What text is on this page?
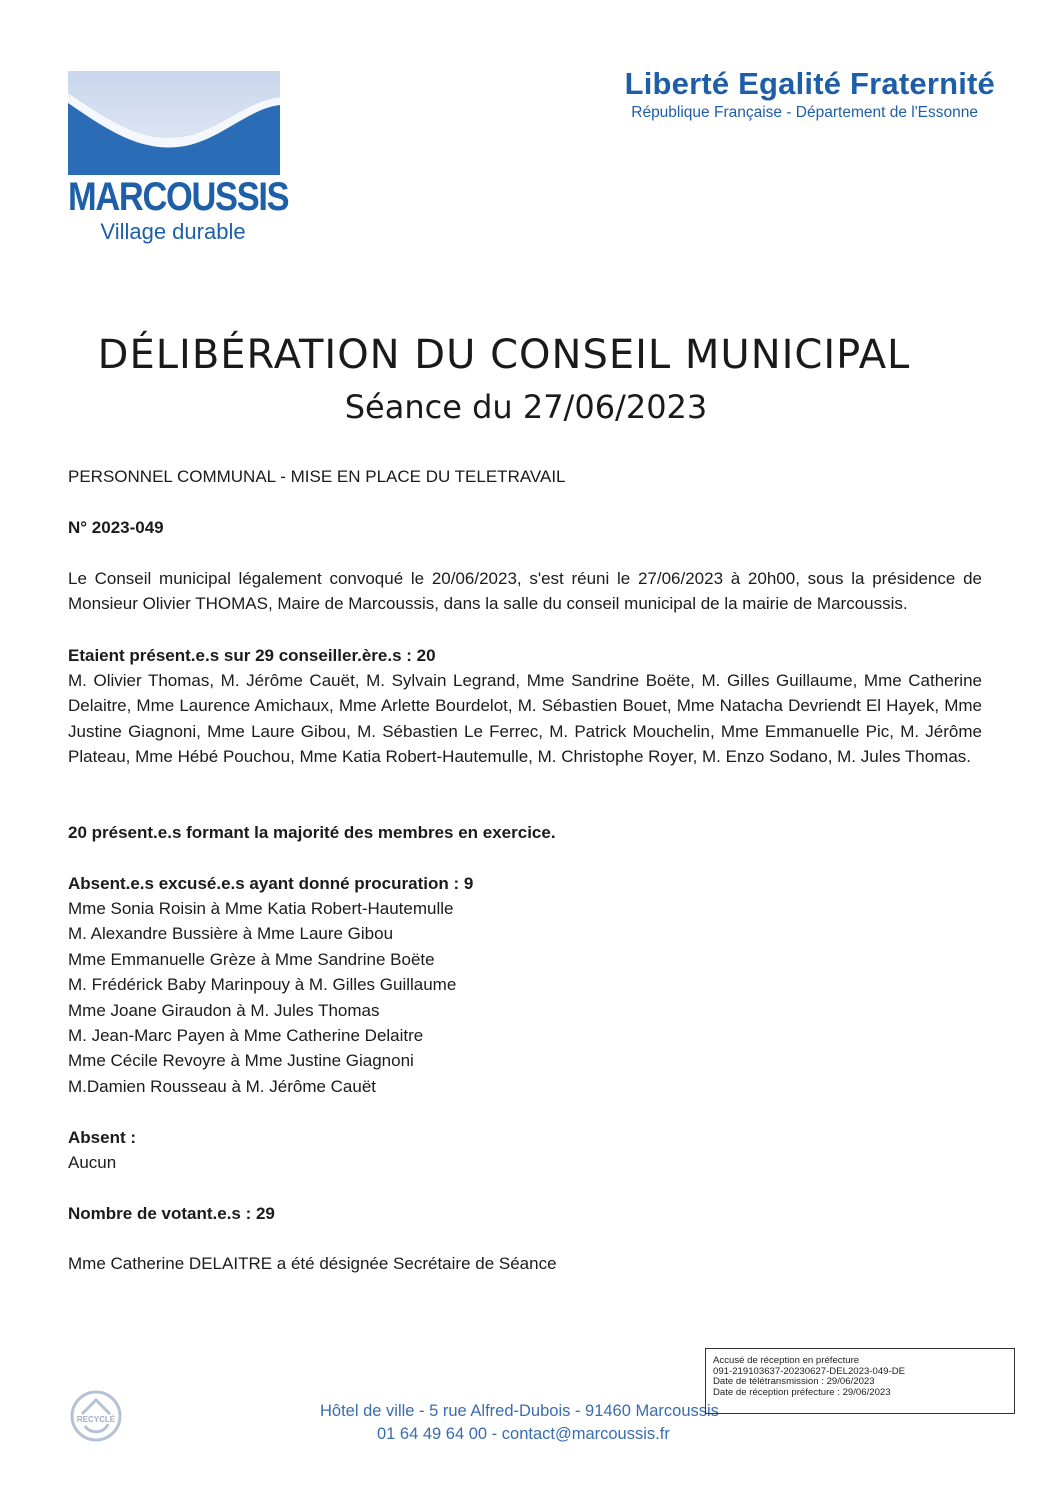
MARCOUSSIS
Village durable
Liberté Egalité Fraternité
République Française - Département de l'Essonne
DÉLIBÉRATION DU CONSEIL MUNICIPAL
Séance du 27/06/2023
PERSONNEL COMMUNAL - MISE EN PLACE DU TELETRAVAIL
N° 2023-049
Le Conseil municipal légalement convoqué le 20/06/2023, s'est réuni le 27/06/2023 à 20h00, sous la présidence de Monsieur Olivier THOMAS, Maire de Marcoussis, dans la salle du conseil municipal de la mairie de Marcoussis.
Etaient présent.e.s sur 29 conseiller.ère.s : 20
M. Olivier Thomas, M. Jérôme Cauët, M. Sylvain Legrand, Mme Sandrine Boëte, M. Gilles Guillaume, Mme Catherine Delaitre, Mme Laurence Amichaux, Mme Arlette Bourdelot, M. Sébastien Bouet, Mme Natacha Devriendt El Hayek, Mme Justine Giagnoni, Mme Laure Gibou, M. Sébastien Le Ferrec, M. Patrick Mouchelin, Mme Emmanuelle Pic, M. Jérôme Plateau, Mme Hébé Pouchou, Mme Katia Robert-Hautemulle, M. Christophe Royer, M. Enzo Sodano, M. Jules Thomas.
20 présent.e.s formant la majorité des membres en exercice.
Absent.e.s excusé.e.s ayant donné procuration : 9
Mme Sonia Roisin à Mme Katia Robert-Hautemulle
M. Alexandre Bussière à Mme Laure Gibou
Mme Emmanuelle Grèze à Mme Sandrine Boëte
M. Frédérick Baby Marinpouy à M. Gilles Guillaume
Mme Joane Giraudon à M. Jules Thomas
M. Jean-Marc Payen à Mme Catherine Delaitre
Mme Cécile Revoyre à Mme Justine Giagnoni
M.Damien Rousseau à M. Jérôme Cauët
Absent :
Aucun
Nombre de votant.e.s : 29
Mme Catherine DELAITRE a été désignée Secrétaire de Séance
RECYCLÉ	Hôtel de ville - 5 rue Alfred-Dubois - 91460 Marcoussis
01 64 49 64 00 - contact@marcoussis.fr
Accusé de réception en préfecture
091-219103637-20230627-DEL2023-049-DE
Date de télétransmission : 29/06/2023
Date de réception préfecture : 29/06/2023
